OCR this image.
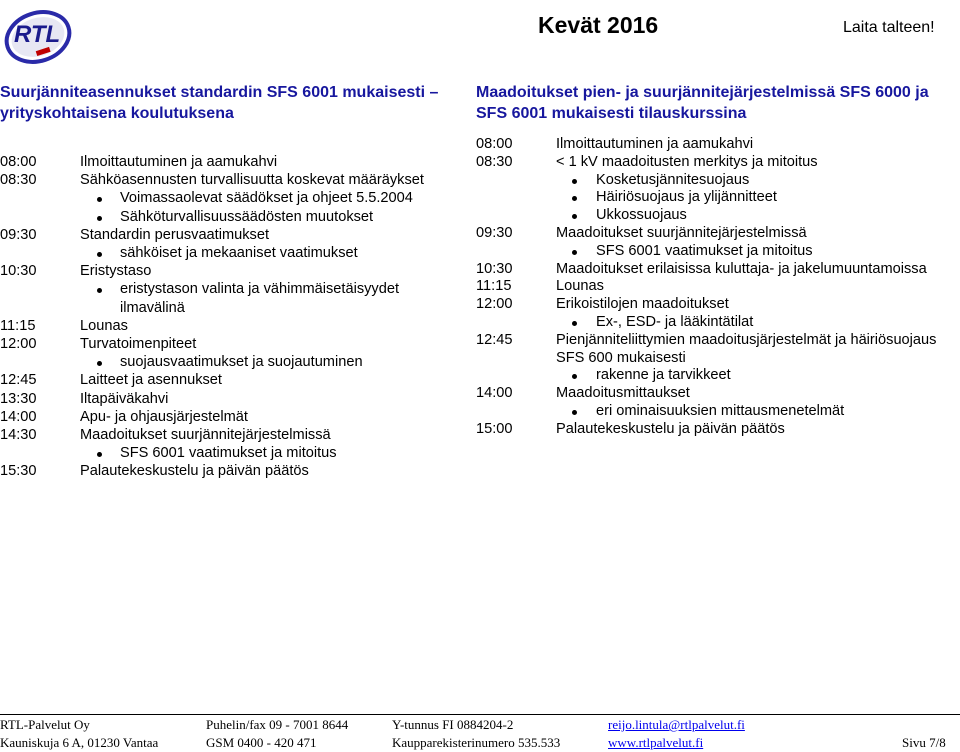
RTL	Kevät 2016	Laita talteen!
Suurjänniteasennukset standardin SFS 6001 mukaisesti – yrityskohtaisena koulutuksena
Maadoitukset pien- ja suurjännitejärjestelmissä SFS 6000 ja SFS 6001 mukaisesti tilauskurssina
08:00	Ilmoittautuminen ja aamukahvi
08:30	Sähköasennusten turvallisuutta koskevat määräykset
Voimassaolevat säädökset ja ohjeet 5.5.2004
Sähköturvallisuussäädösten muutokset
09:30	Standardin perusvaatimukset
sähköiset ja mekaaniset vaatimukset
10:30	Eristystaso
eristystason valinta ja vähimmäisetäisyydet
ilmavälinä
11:15	Lounas
12:00	Turvatoimenpiteet
suojausvaatimukset ja suojautuminen
12:45	Laitteet ja asennukset
13:30	Iltapäiväkahvi
14:00	Apu- ja ohjausjärjestelmät
14:30	Maadoitukset suurjännitejärjestelmissä
SFS 6001 vaatimukset ja mitoitus
15:30	Palautekeskustelu ja päivän päätös
08:00	Ilmoittautuminen ja aamukahvi
08:30	< 1 kV maadoitusten merkitys ja mitoitus
Kosketusjännitesuojaus
Häiriösuojaus ja ylijännitteet
Ukkossuojaus
09:30	Maadoitukset suurjännitejärjestelmissä
SFS 6001 vaatimukset ja mitoitus
10:30	Maadoitukset erilaisissa kuluttaja- ja jakelumuuntamoissa
11:15	Lounas
12:00	Erikoistilojen maadoitukset
Ex-, ESD- ja lääkintätilat
12:45	Pienjänniteliittymien maadoitusjärjestelmät ja häiriösuojaus
SFS 600 mukaisesti
rakenne ja tarvikkeet
14:00	Maadoitusmittaukset
eri ominaisuuksien mittausmenetelmät
15:00	Palautekeskustelu ja päivän päätös
RTL-Palvelut Oy
Kauniskuja 6 A, 01230 Vantaa
Puhelin/fax 09 - 7001 8644
GSM 0400 - 420 471
Y-tunnus FI 0884204-2
Kaupparekisterinumero 535.533
reijo.lintula@rtlpalvelut.fi
www.rtlpalvelut.fi	Sivu 7/8
